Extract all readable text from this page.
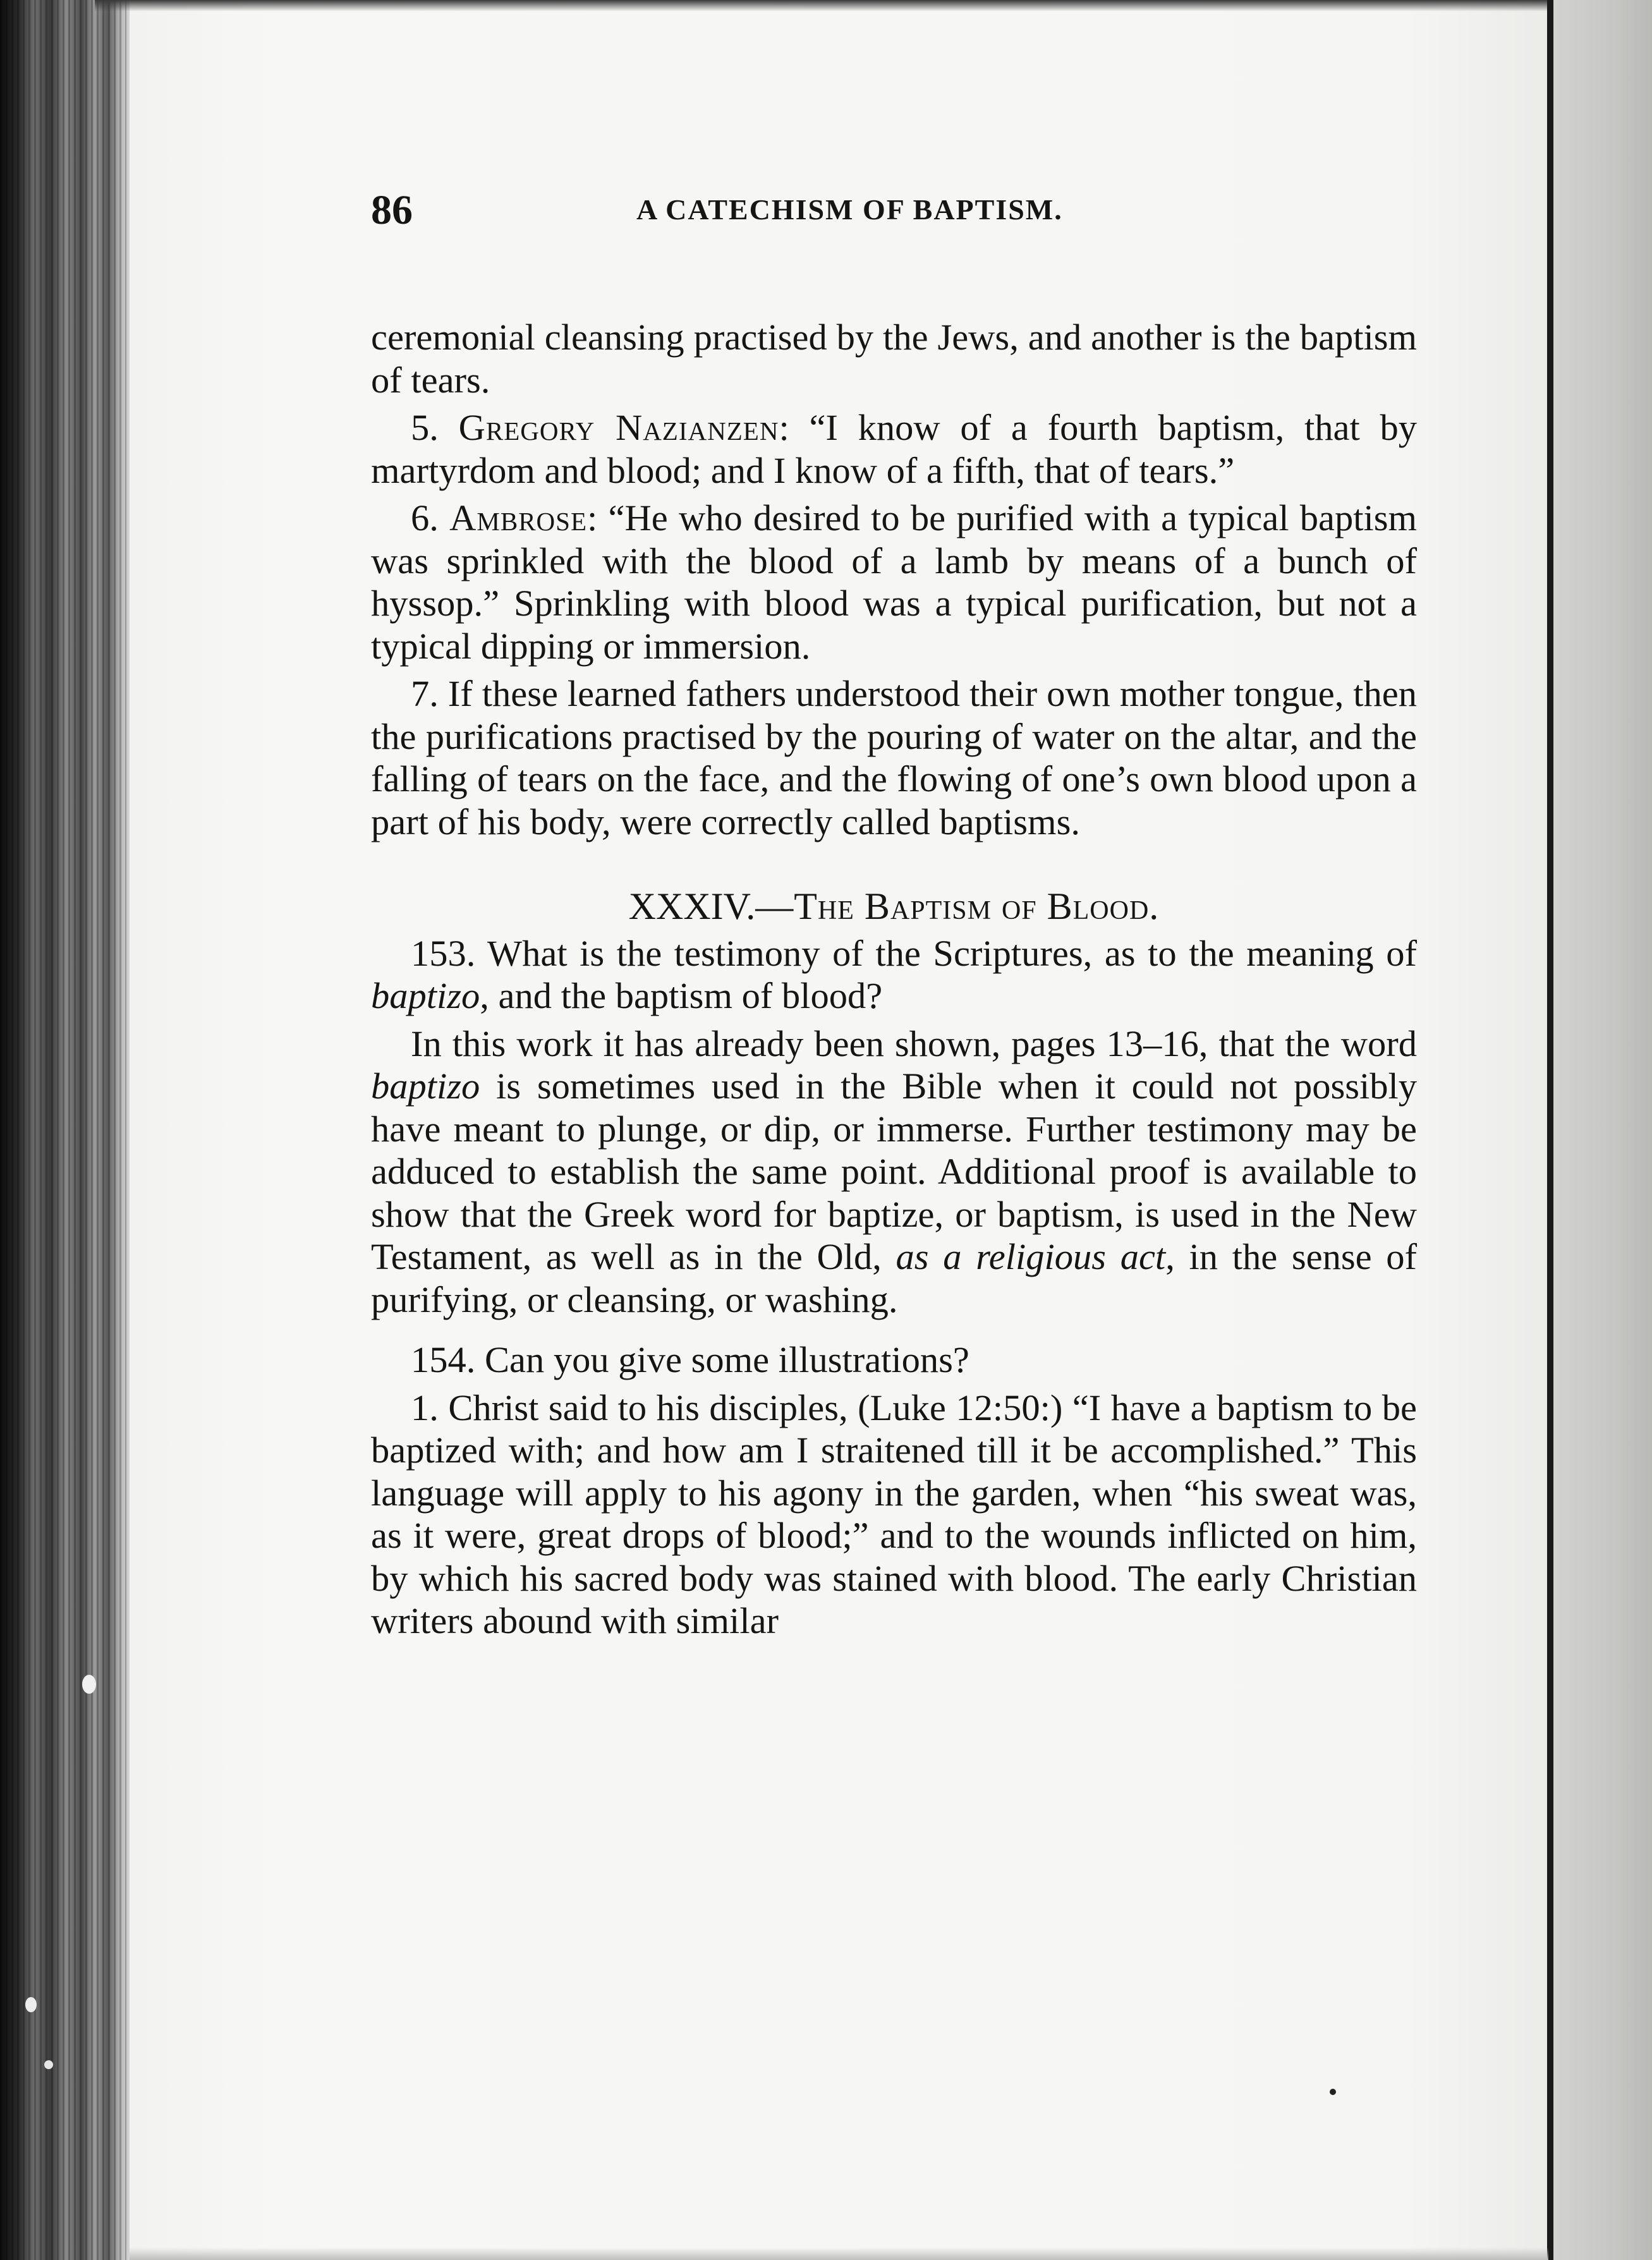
86	A CATECHISM OF BAPTISM.

ceremonial cleansing practised by the Jews, and another is the baptism of tears.

5. Gregory Nazianzen: “I know of a fourth baptism, that by martyrdom and blood; and I know of a fifth, that of tears.”

6. Ambrose: “He who desired to be purified with a typical baptism was sprinkled with the blood of a lamb by means of a bunch of hyssop.” Sprinkling with blood was a typical purification, but not a typical dipping or immersion.

7. If these learned fathers understood their own mother tongue, then the purifications practised by the pouring of water on the altar, and the falling of tears on the face, and the flowing of one’s own blood upon a part of his body, were correctly called baptisms.

XXXIV.—The Baptism of Blood.

153. What is the testimony of the Scriptures, as to the meaning of baptizo, and the baptism of blood?

In this work it has already been shown, pages 13–16, that the word baptizo is sometimes used in the Bible when it could not possibly have meant to plunge, or dip, or immerse. Further testimony may be adduced to establish the same point. Additional proof is available to show that the Greek word for baptize, or baptism, is used in the New Testament, as well as in the Old, as a religious act, in the sense of purifying, or cleansing, or washing.

154. Can you give some illustrations?

1. Christ said to his disciples, (Luke 12:50:) “I have a baptism to be baptized with; and how am I straitened till it be accomplished.” This language will apply to his agony in the garden, when “his sweat was, as it were, great drops of blood;” and to the wounds inflicted on him, by which his sacred body was stained with blood. The early Christian writers abound with similar
